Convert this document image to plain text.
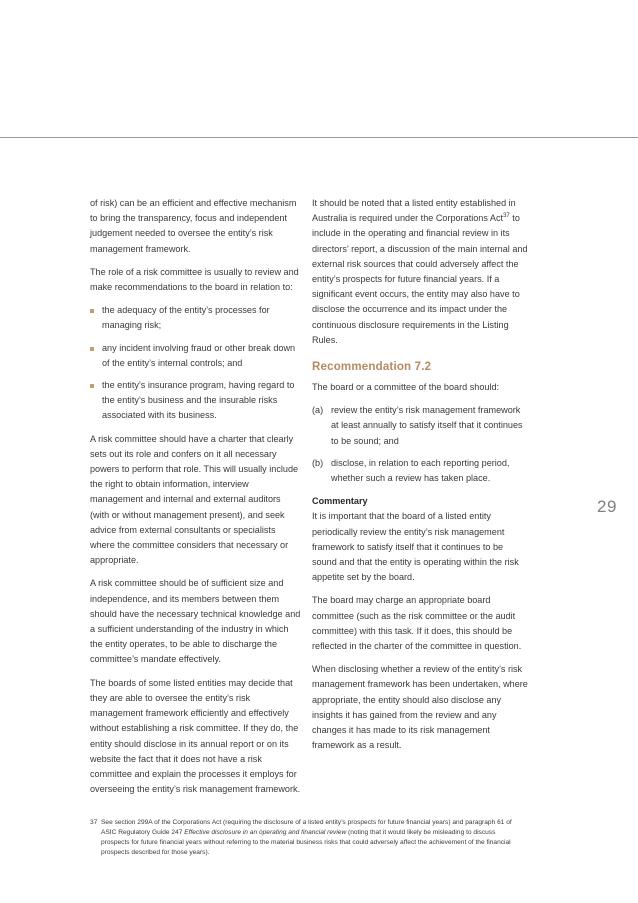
29

of risk) can be an efficient and effective mechanism to bring the transparency, focus and independent judgement needed to oversee the entity’s risk management framework.

The role of a risk committee is usually to review and make recommendations to the board in relation to:

the adequacy of the entity’s processes for managing risk;
any incident involving fraud or other break down of the entity’s internal controls; and
the entity’s insurance program, having regard to the entity’s business and the insurable risks associated with its business.

A risk committee should have a charter that clearly sets out its role and confers on it all necessary powers to perform that role. This will usually include the right to obtain information, interview management and internal and external auditors (with or without management present), and seek advice from external consultants or specialists where the committee considers that necessary or appropriate.

A risk committee should be of sufficient size and independence, and its members between them should have the necessary technical knowledge and a sufficient understanding of the industry in which the entity operates, to be able to discharge the committee’s mandate effectively.

The boards of some listed entities may decide that they are able to oversee the entity’s risk management framework efficiently and effectively without establishing a risk committee. If they do, the entity should disclose in its annual report or on its website the fact that it does not have a risk committee and explain the processes it employs for overseeing the entity’s risk management framework.

It should be noted that a listed entity established in Australia is required under the Corporations Act$^{37}$ to include in the operating and financial review in its directors’ report, a discussion of the main internal and external risk sources that could adversely affect the entity’s prospects for future financial years. If a significant event occurs, the entity may also have to disclose the occurrence and its impact under the continuous disclosure requirements in the Listing Rules.

Recommendation 7.2

The board or a committee of the board should:

(a) review the entity’s risk management framework at least annually to satisfy itself that it continues to be sound; and
(b) disclose, in relation to each reporting period, whether such a review has taken place.
Commentary

It is important that the board of a listed entity periodically review the entity’s risk management framework to satisfy itself that it continues to be sound and that the entity is operating within the risk appetite set by the board.

The board may charge an appropriate board committee (such as the risk committee or the audit committee) with this task. If it does, this should be reflected in the charter of the committee in question.

When disclosing whether a review of the entity’s risk management framework has been undertaken, where appropriate, the entity should also disclose any insights it has gained from the review and any changes it has made to its risk management framework as a result.

37 See section 299A of the Corporations Act (requiring the disclosure of a listed entity’s prospects for future financial years) and paragraph 61 of ASIC Regulatory Guide 247 Effective disclosure in an operating and financial review (noting that it would likely be misleading to discuss prospects for future financial years without referring to the material business risks that could adversely affect the achievement of the financial prospects described for those years).
